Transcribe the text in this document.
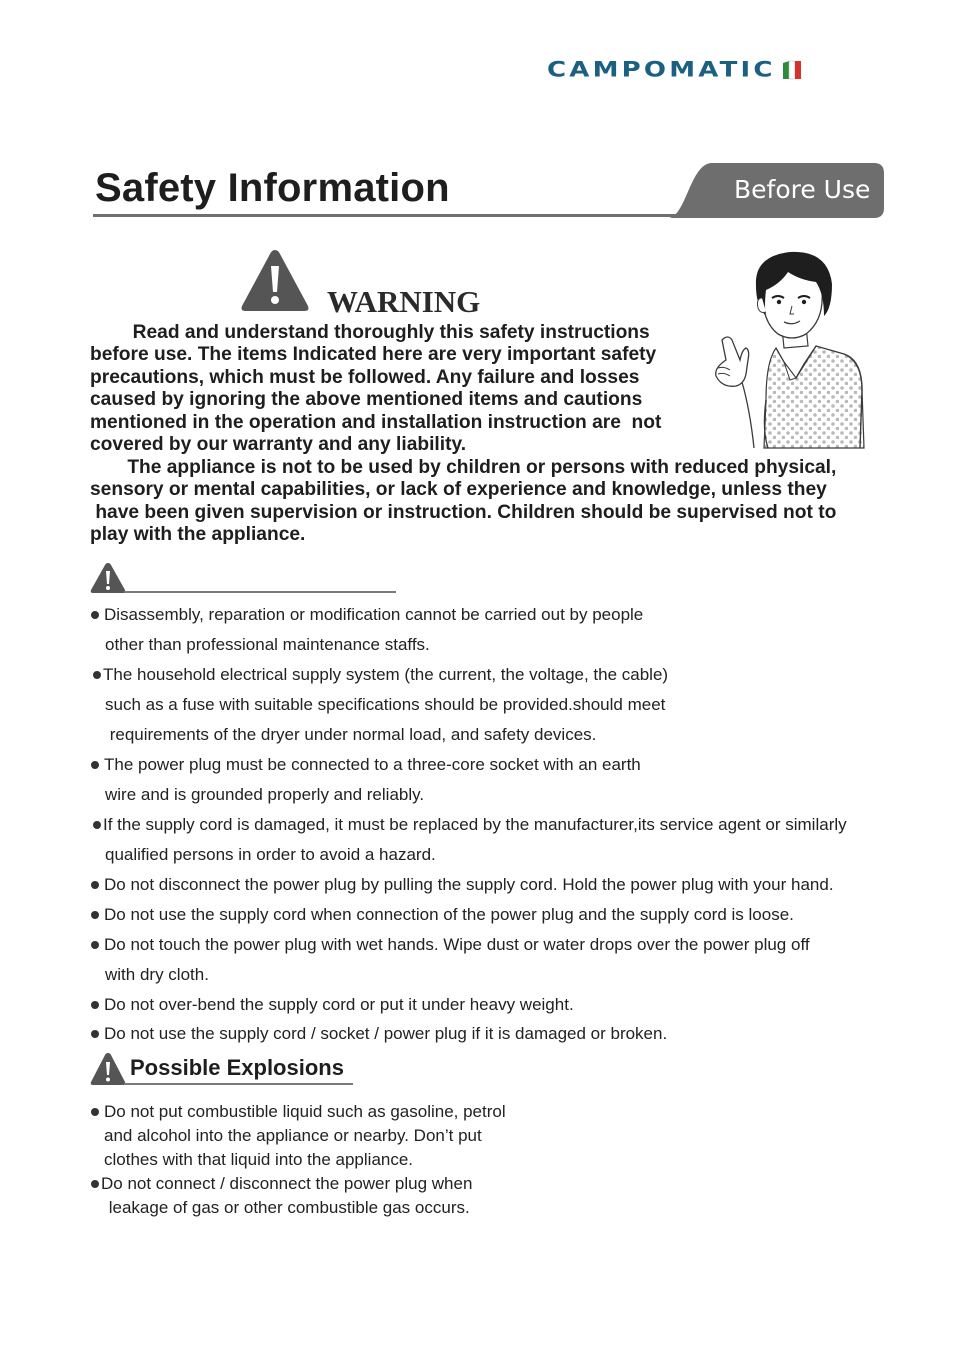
CAMPOMATIC
Safety Information	Before Use
WARNING
Read and understand thoroughly this safety instructions
before use. The items Indicated here are very important safety
precautions, which must be followed. Any failure and losses
caused by ignoring the above mentioned items and cautions
mentioned in the operation and installation instruction are  not
covered by our warranty and any liability.
The appliance is not to be used by children or persons with reduced physical,
sensory or mental capabilities, or lack of experience and knowledge, unless they
have been given supervision or instruction. Children should be supervised not to
play with the appliance.
Disassembly, reparation or modification cannot be carried out by people
other than professional maintenance staffs.
The household electrical supply system (the current, the voltage, the cable)
such as a fuse with suitable specifications should be provided.should meet
requirements of the dryer under normal load, and safety devices.
The power plug must be connected to a three-core socket with an earth
wire and is grounded properly and reliably.
If the supply cord is damaged, it must be replaced by the manufacturer,its service agent or similarly
qualified persons in order to avoid a hazard.
Do not disconnect the power plug by pulling the supply cord. Hold the power plug with your hand.
Do not use the supply cord when connection of the power plug and the supply cord is loose.
Do not touch the power plug with wet hands. Wipe dust or water drops over the power plug off
with dry cloth.
Do not over-bend the supply cord or put it under heavy weight.
Do not use the supply cord / socket / power plug if it is damaged or broken.
Possible Explosions
Do not put combustible liquid such as gasoline, petrol
and alcohol into the appliance or nearby. Don’t put
clothes with that liquid into the appliance.
Do not connect / disconnect the power plug when
leakage of gas or other combustible gas occurs.
